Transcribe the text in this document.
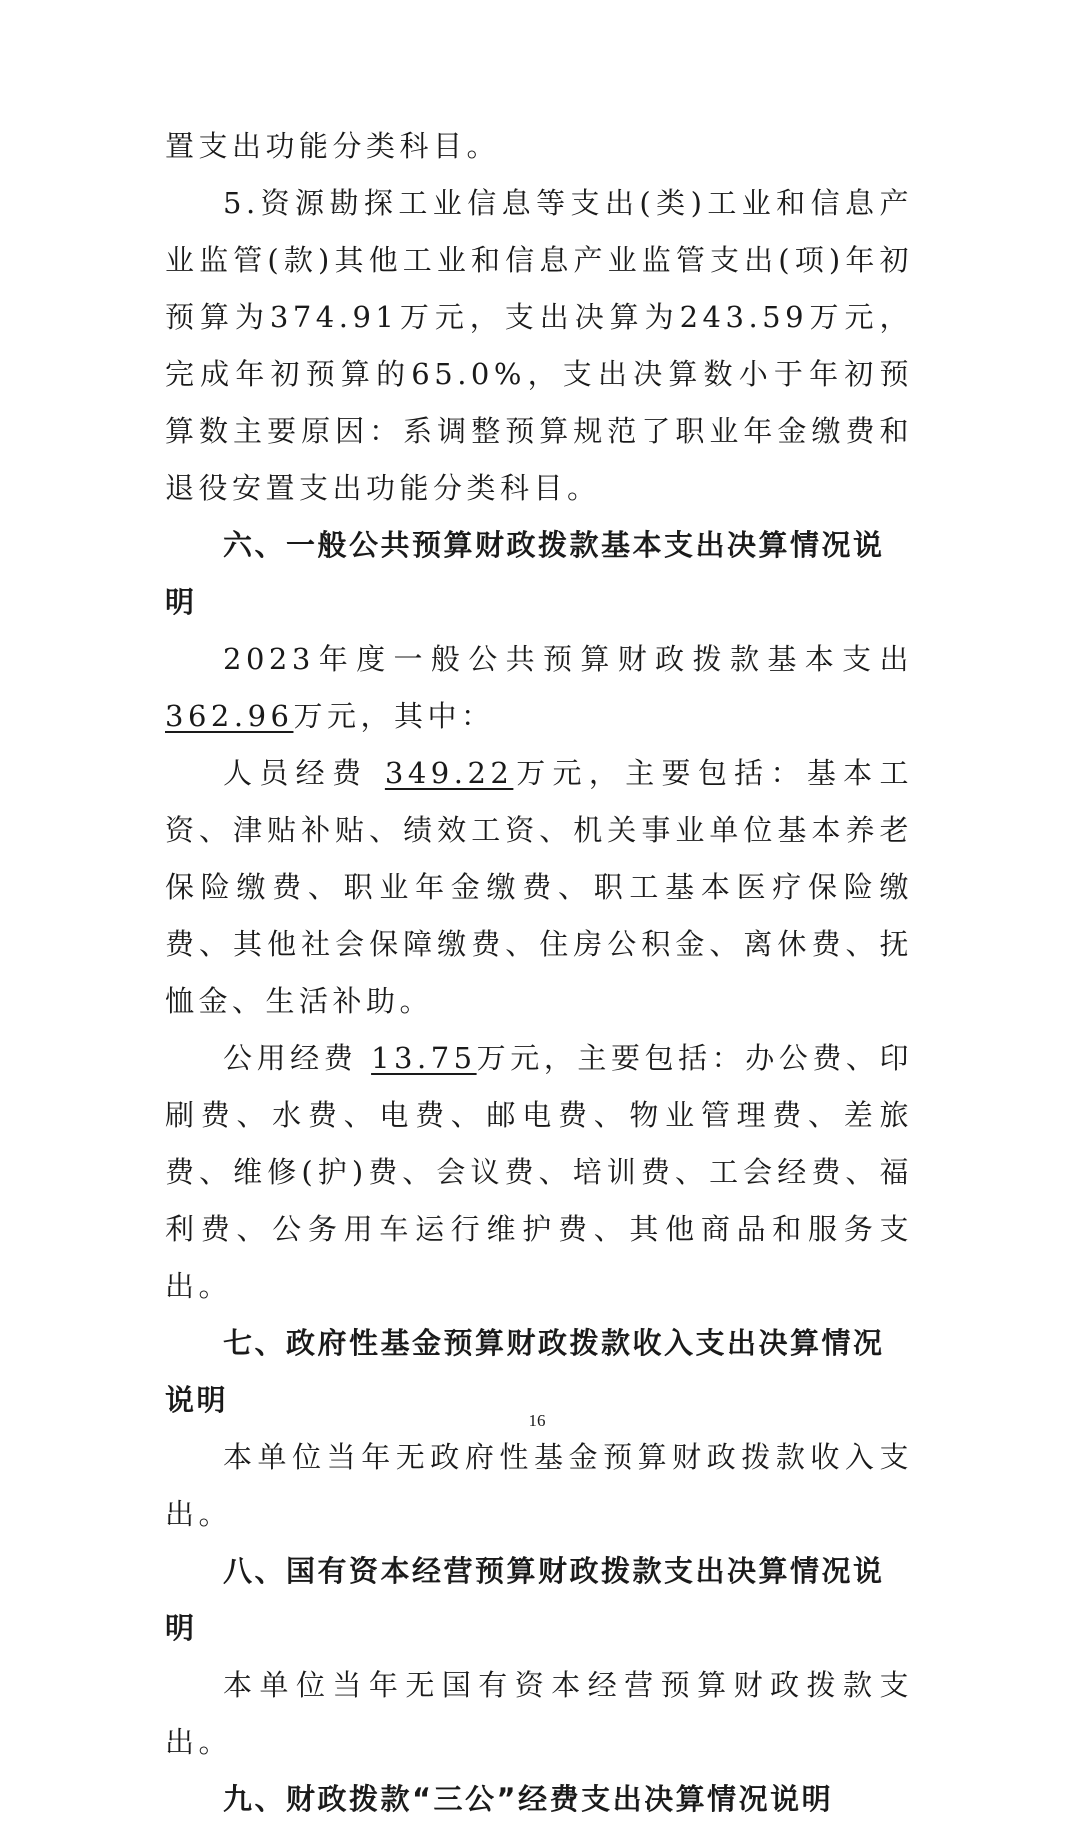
置支出功能分类科目。

5.资源勘探工业信息等支出(类)工业和信息产业监管(款)其他工业和信息产业监管支出(项)年初预算为374.91万元，支出决算为243.59万元，完成年初预算的65.0%，支出决算数小于年初预算数主要原因：系调整预算规范了职业年金缴费和退役安置支出功能分类科目。

六、一般公共预算财政拨款基本支出决算情况说明

2023年度一般公共预算财政拨款基本支出 362.96万元，其中：

人员经费 349.22万元，主要包括：基本工资、津贴补贴、绩效工资、机关事业单位基本养老保险缴费、职业年金缴费、职工基本医疗保险缴费、其他社会保障缴费、住房公积金、离休费、抚恤金、生活补助。

公用经费 13.75万元，主要包括：办公费、印刷费、水费、电费、邮电费、物业管理费、差旅费、维修(护)费、会议费、培训费、工会经费、福利费、公务用车运行维护费、其他商品和服务支出。

七、政府性基金预算财政拨款收入支出决算情况说明

本单位当年无政府性基金预算财政拨款收入支出。

八、国有资本经营预算财政拨款支出决算情况说明

本单位当年无国有资本经营预算财政拨款支出。

九、财政拨款“三公”经费支出决算情况说明

16
